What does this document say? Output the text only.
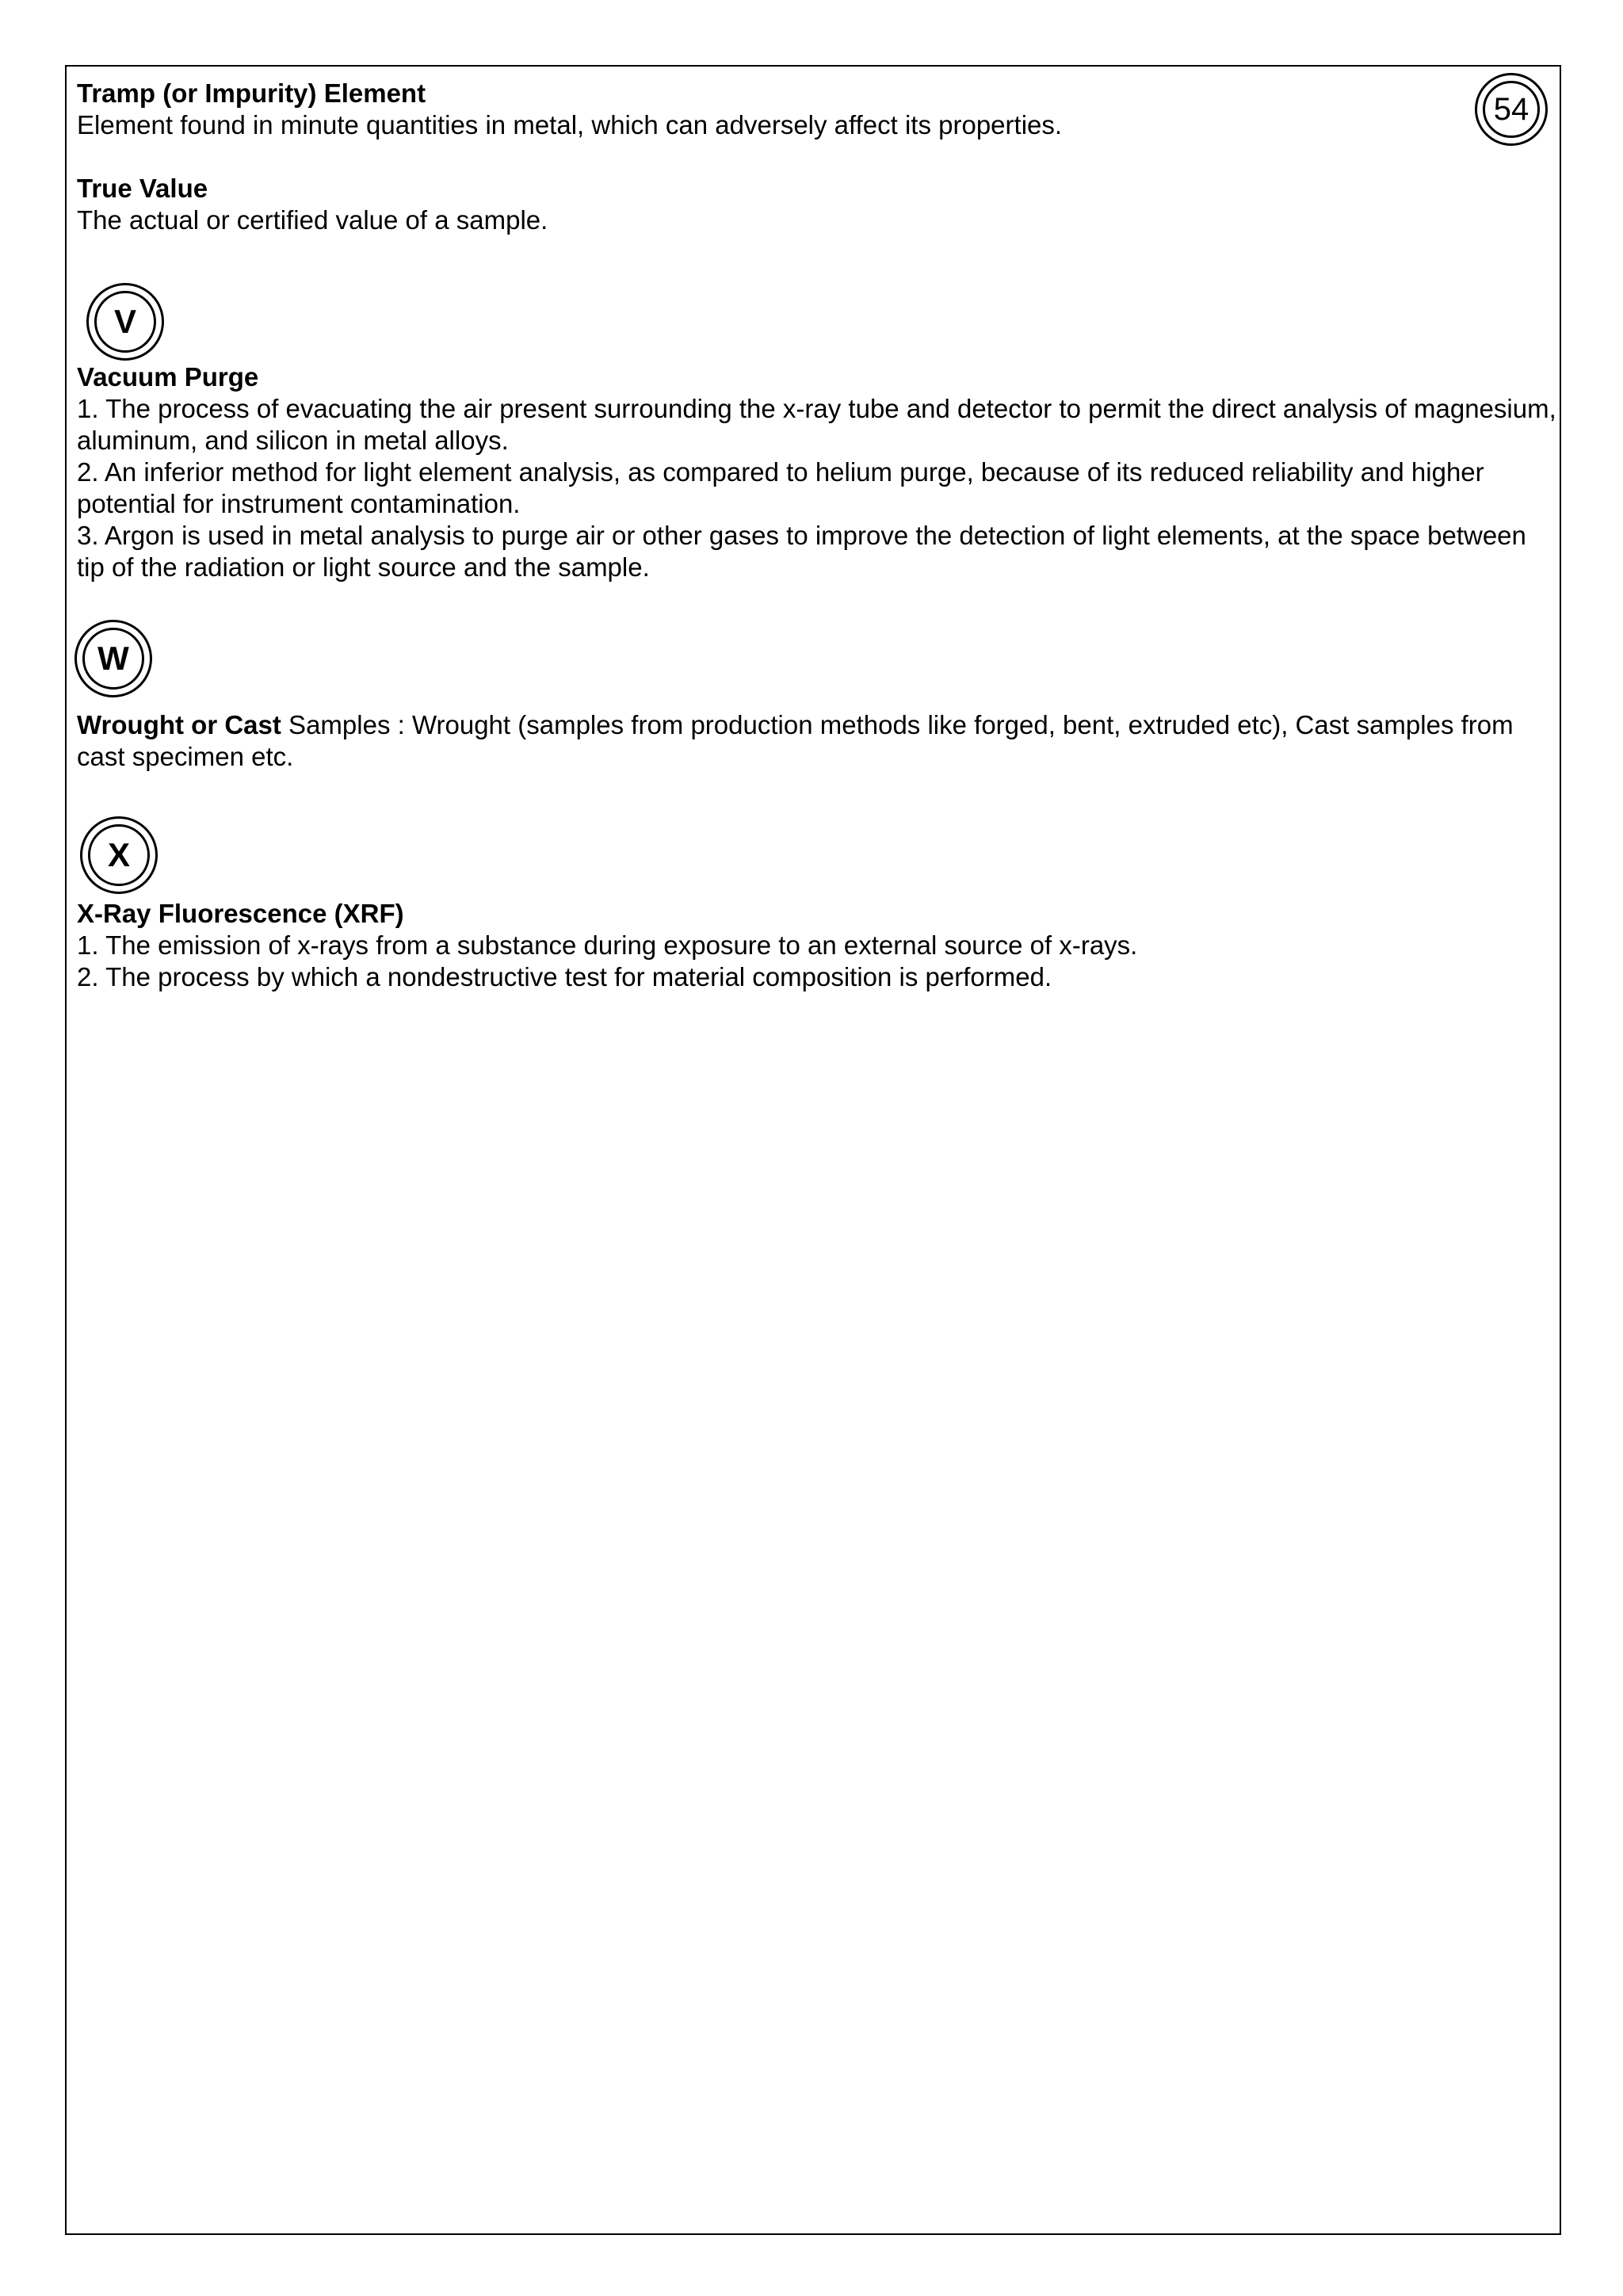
54
Tramp (or Impurity) Element
Element found in minute quantities in metal, which can adversely affect its properties.
True Value
The actual or certified value of a sample.
V
Vacuum Purge
1. The process of evacuating the air present surrounding the x-ray tube and detector to permit the direct analysis of magnesium, aluminum, and silicon in metal alloys.
2. An inferior method for light element analysis, as compared to helium purge, because of its reduced reliability and higher potential for instrument contamination.
3. Argon is used in metal analysis to purge air or other gases to improve the detection of light elements, at the space between tip of the radiation or light source and the sample.
W
Wrought or Cast Samples : Wrought (samples from production methods like forged, bent, extruded etc), Cast samples from cast specimen etc.
X
X-Ray Fluorescence (XRF)
1. The emission of x-rays from a substance during exposure to an external source of x-rays.
2. The process by which a nondestructive test for material composition is performed.
